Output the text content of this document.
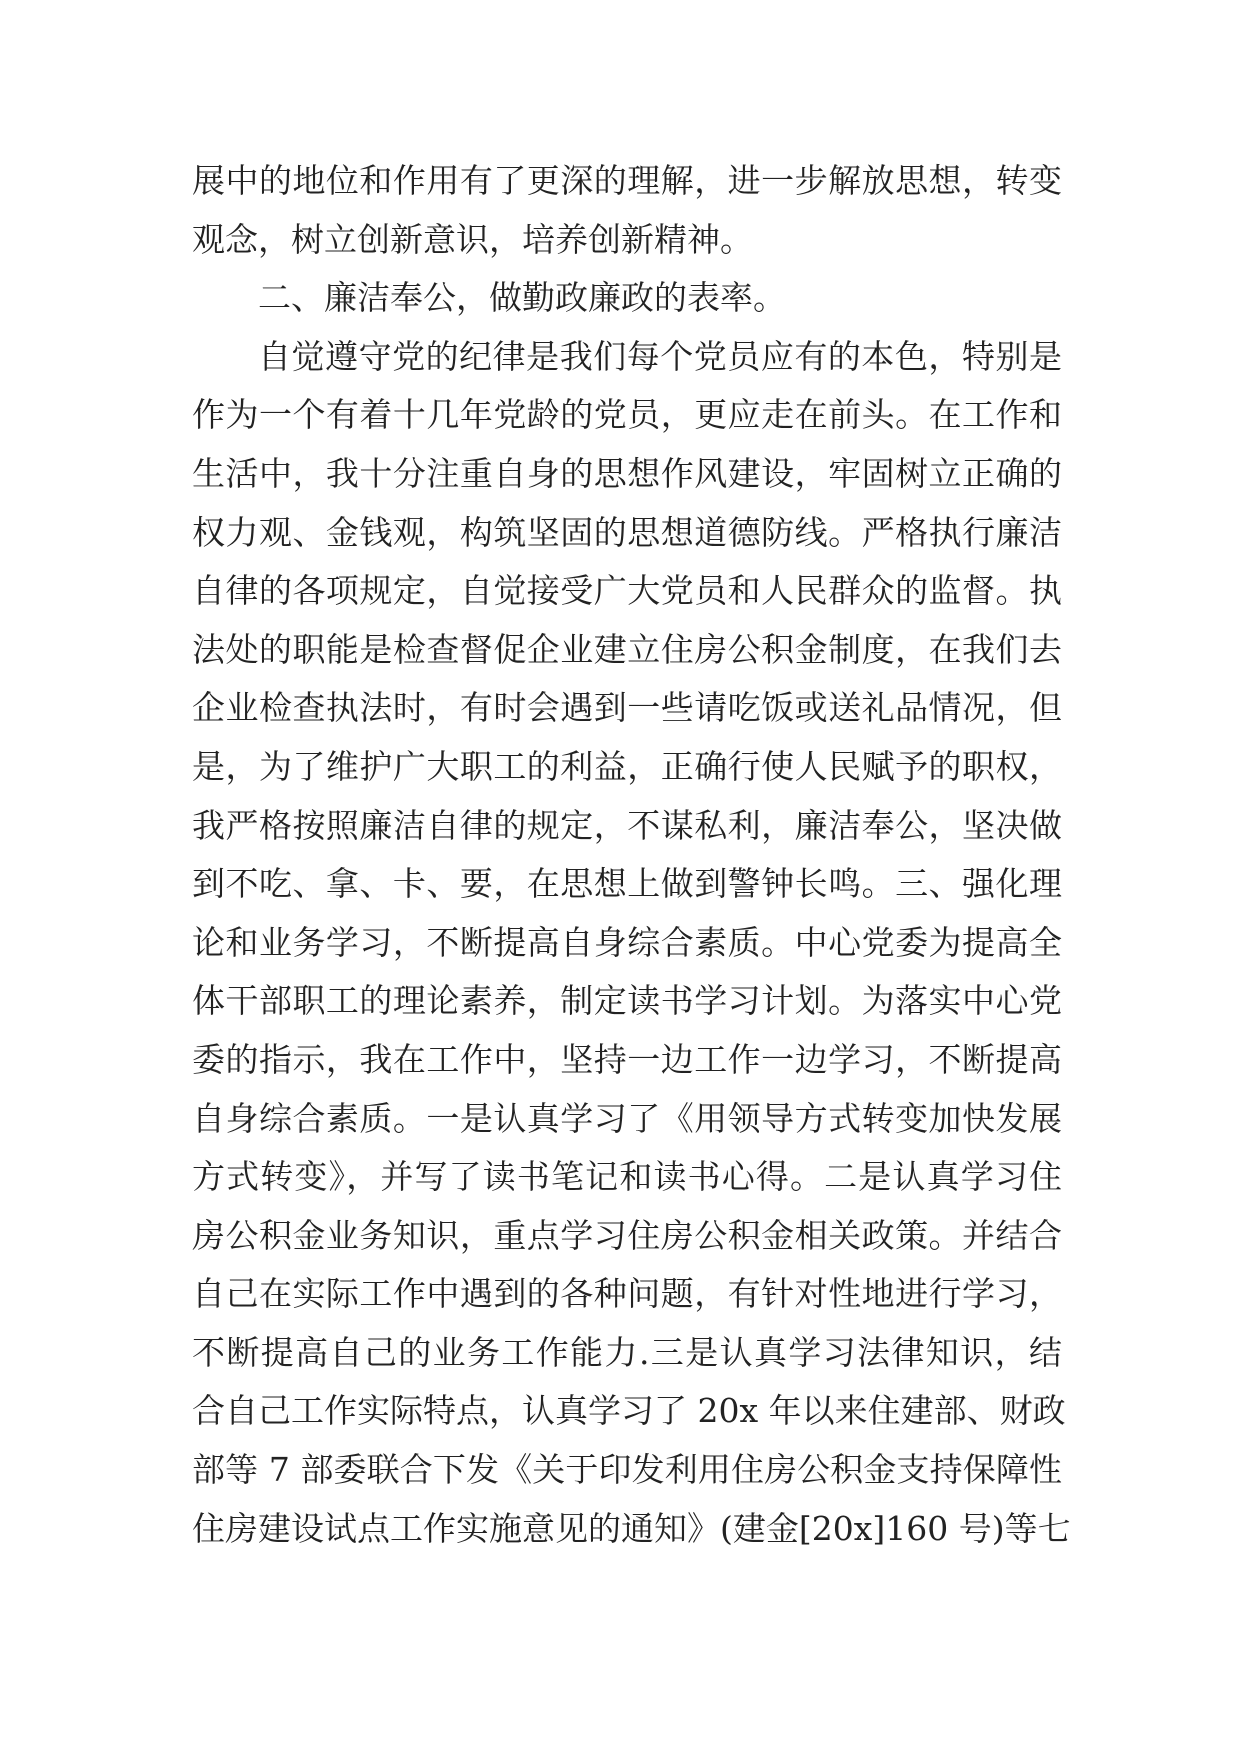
展中的地位和作用有了更深的理解，进一步解放思想，转变
观念，树立创新意识，培养创新精神。
二、廉洁奉公，做勤政廉政的表率。
自觉遵守党的纪律是我们每个党员应有的本色，特别是
作为一个有着十几年党龄的党员，更应走在前头。在工作和
生活中，我十分注重自身的思想作风建设，牢固树立正确的
权力观、金钱观，构筑坚固的思想道德防线。严格执行廉洁
自律的各项规定，自觉接受广大党员和人民群众的监督。执
法处的职能是检查督促企业建立住房公积金制度，在我们去
企业检查执法时，有时会遇到一些请吃饭或送礼品情况，但
是，为了维护广大职工的利益，正确行使人民赋予的职权，
我严格按照廉洁自律的规定，不谋私利，廉洁奉公，坚决做
到不吃、拿、卡、要，在思想上做到警钟长鸣。三、强化理
论和业务学习，不断提高自身综合素质。中心党委为提高全
体干部职工的理论素养，制定读书学习计划。为落实中心党
委的指示，我在工作中，坚持一边工作一边学习，不断提高
自身综合素质。一是认真学习了《用领导方式转变加快发展
方式转变》，并写了读书笔记和读书心得。二是认真学习住
房公积金业务知识，重点学习住房公积金相关政策。并结合
自己在实际工作中遇到的各种问题，有针对性地进行学习，
不断提高自己的业务工作能力.三是认真学习法律知识，结
合自己工作实际特点，认真学习了 20x 年以来住建部、财政
部等 7 部委联合下发《关于印发利用住房公积金支持保障性
住房建设试点工作实施意见的通知》(建金[20x]160 号)等七
